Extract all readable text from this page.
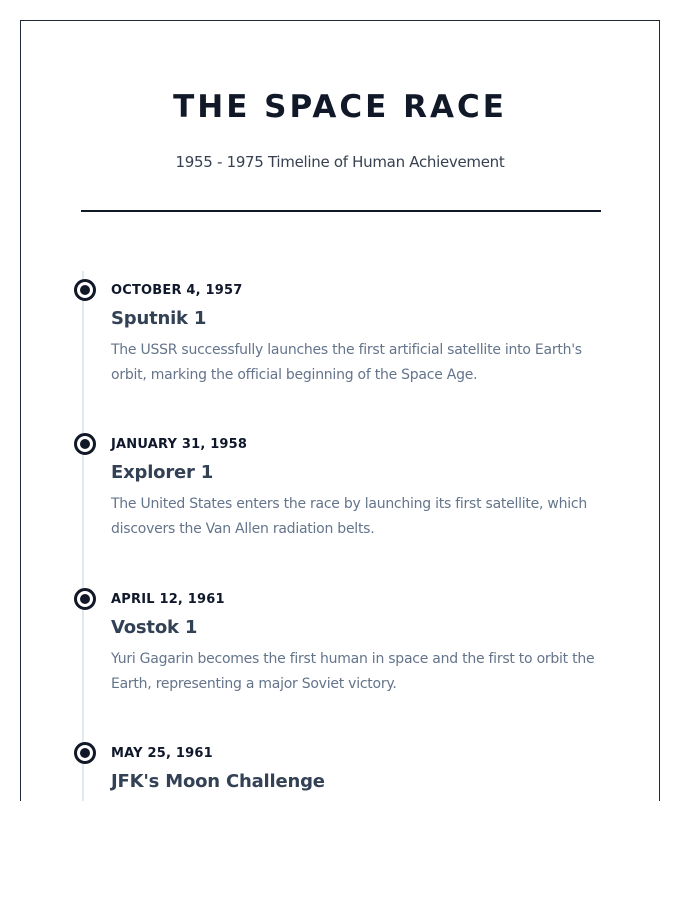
THE SPACE RACE

1955 - 1975 Timeline of Human Achievement

OCTOBER 4, 1957
Sputnik 1
The USSR successfully launches the first artificial satellite into Earth's orbit, marking the official beginning of the Space Age.
JANUARY 31, 1958
Explorer 1
The United States enters the race by launching its first satellite, which discovers the Van Allen radiation belts.
APRIL 12, 1961
Vostok 1
Yuri Gagarin becomes the first human in space and the first to orbit the Earth, representing a major Soviet victory.
MAY 25, 1961
JFK's Moon Challenge
